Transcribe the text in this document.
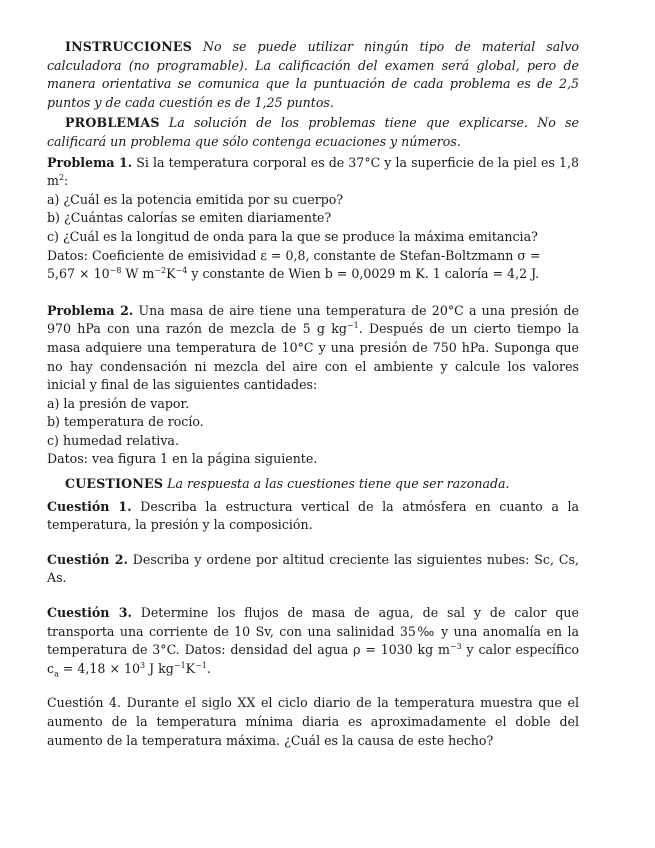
INSTRUCCIONES No se puede utilizar ningún tipo de material salvo calculadora (no programable). La calificación del examen será global, pero de manera orientativa se comunica que la puntuación de cada problema es de 2,5 puntos y de cada cuestión es de 1,25 puntos.

PROBLEMAS La solución de los problemas tiene que explicarse. No se calificará un problema que sólo contenga ecuaciones y números.

Problema 1. Si la temperatura corporal es de 37°C y la superficie de la piel es 1,8 $m^2$:

a) ¿Cuál es la potencia emitida por su cuerpo?
b) ¿Cuántas calorías se emiten diariamente?
c) ¿Cuál es la longitud de onda para la que se produce la máxima emitancia?
Datos: Coeficiente de emisividad ε = 0,8, constante de Stefan-Boltzmann σ =
$5,67 \times 10^{-8}$ W $m^{-2}K^{-4}$ y constante de Wien b = 0,0029 m K. 1 caloría = 4,2 J.

Problema 2. Una masa de aire tiene una temperatura de 20°C a una presión de 970 hPa con una razón de mezcla de 5 g $kg^{-1}$. Después de un cierto tiempo la masa adquiere una temperatura de 10°C y una presión de 750 hPa. Suponga que no hay condensación ni mezcla del aire con el ambiente y calcule los valores inicial y final de las siguientes cantidades:

a) la presión de vapor.
b) temperatura de rocío.
c) humedad relativa.
Datos: vea figura 1 en la página siguiente.

CUESTIONES La respuesta a las cuestiones tiene que ser razonada.

Cuestión 1. Describa la estructura vertical de la atmósfera en cuanto a la temperatura, la presión y la composición.

Cuestión 2. Describa y ordene por altitud creciente las siguientes nubes: Sc, Cs, As.

Cuestión 3. Determine los flujos de masa de agua, de sal y de calor que transporta una corriente de 10 Sv, con una salinidad 35‰ y una anomalía en la temperatura de 3°C. Datos: densidad del agua ρ = 1030 kg $m^{-3}$ y calor específico $c_a = 4,18 \times 10^3$ J $kg^{-1}K^{-1}$.

Cuestión 4. Durante el siglo XX el ciclo diario de la temperatura muestra que el aumento de la temperatura mínima diaria es aproximadamente el doble del aumento de la temperatura máxima. ¿Cuál es la causa de este hecho?
